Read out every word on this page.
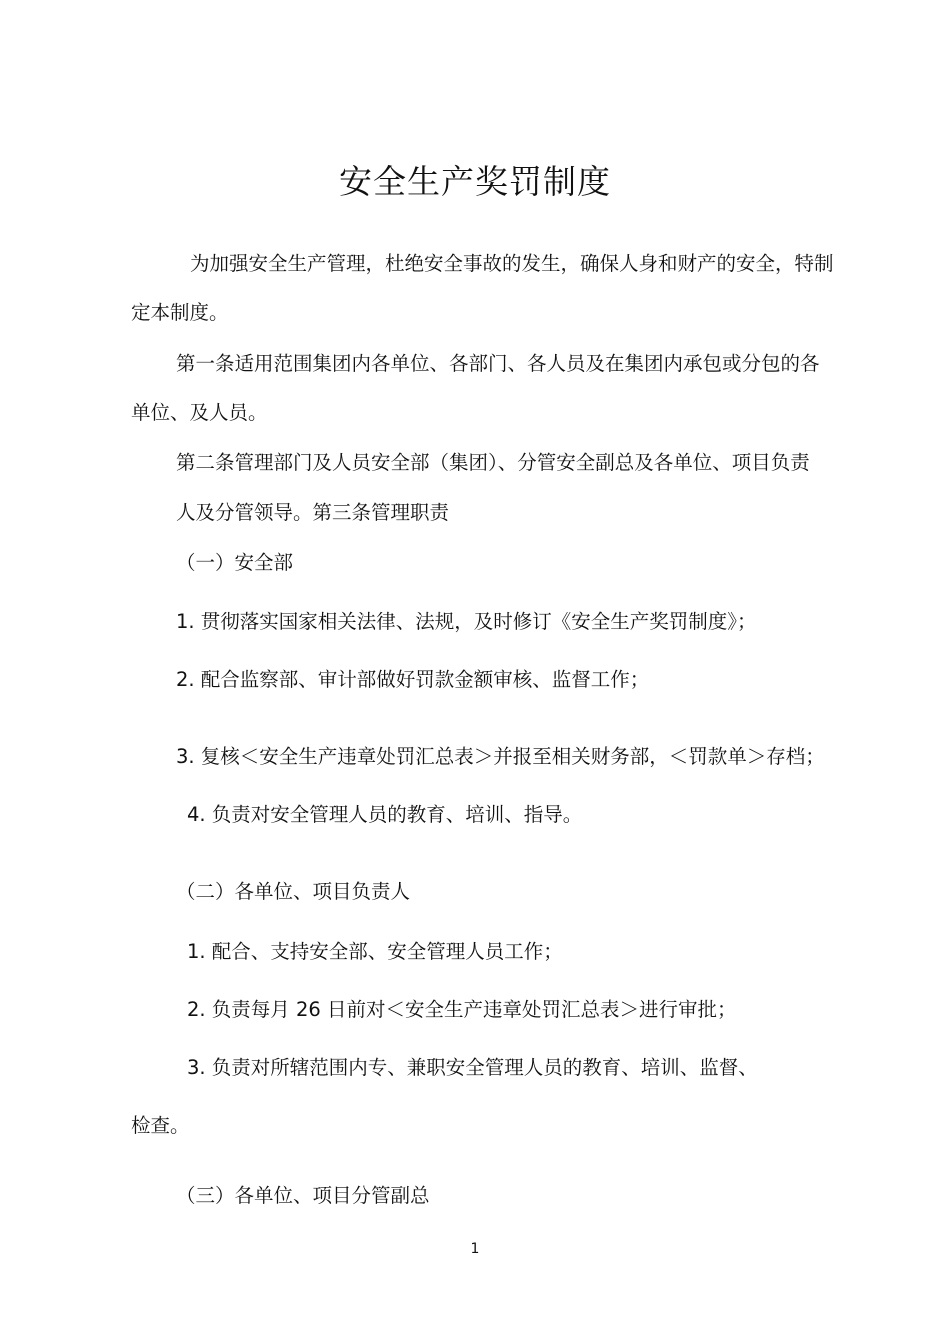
安全生产奖罚制度
为加强安全生产管理，杜绝安全事故的发生，确保人身和财产的安全，特制
定本制度。
第一条适用范围集团内各单位、各部门、各人员及在集团内承包或分包的各
单位、及人员。
第二条管理部门及人员安全部（集团）、分管安全副总及各单位、项目负责
人及分管领导。第三条管理职责
（一）安全部
1. 贯彻落实国家相关法律、法规，及时修订《安全生产奖罚制度》；
2. 配合监察部、审计部做好罚款金额审核、监督工作；
3. 复核＜安全生产违章处罚汇总表＞并报至相关财务部，＜罚款单＞存档；
4. 负责对安全管理人员的教育、培训、指导。
（二）各单位、项目负责人
1. 配合、支持安全部、安全管理人员工作；
2. 负责每月 26 日前对＜安全生产违章处罚汇总表＞进行审批；
3. 负责对所辖范围内专、兼职安全管理人员的教育、培训、监督、
检查。
（三）各单位、项目分管副总
1
